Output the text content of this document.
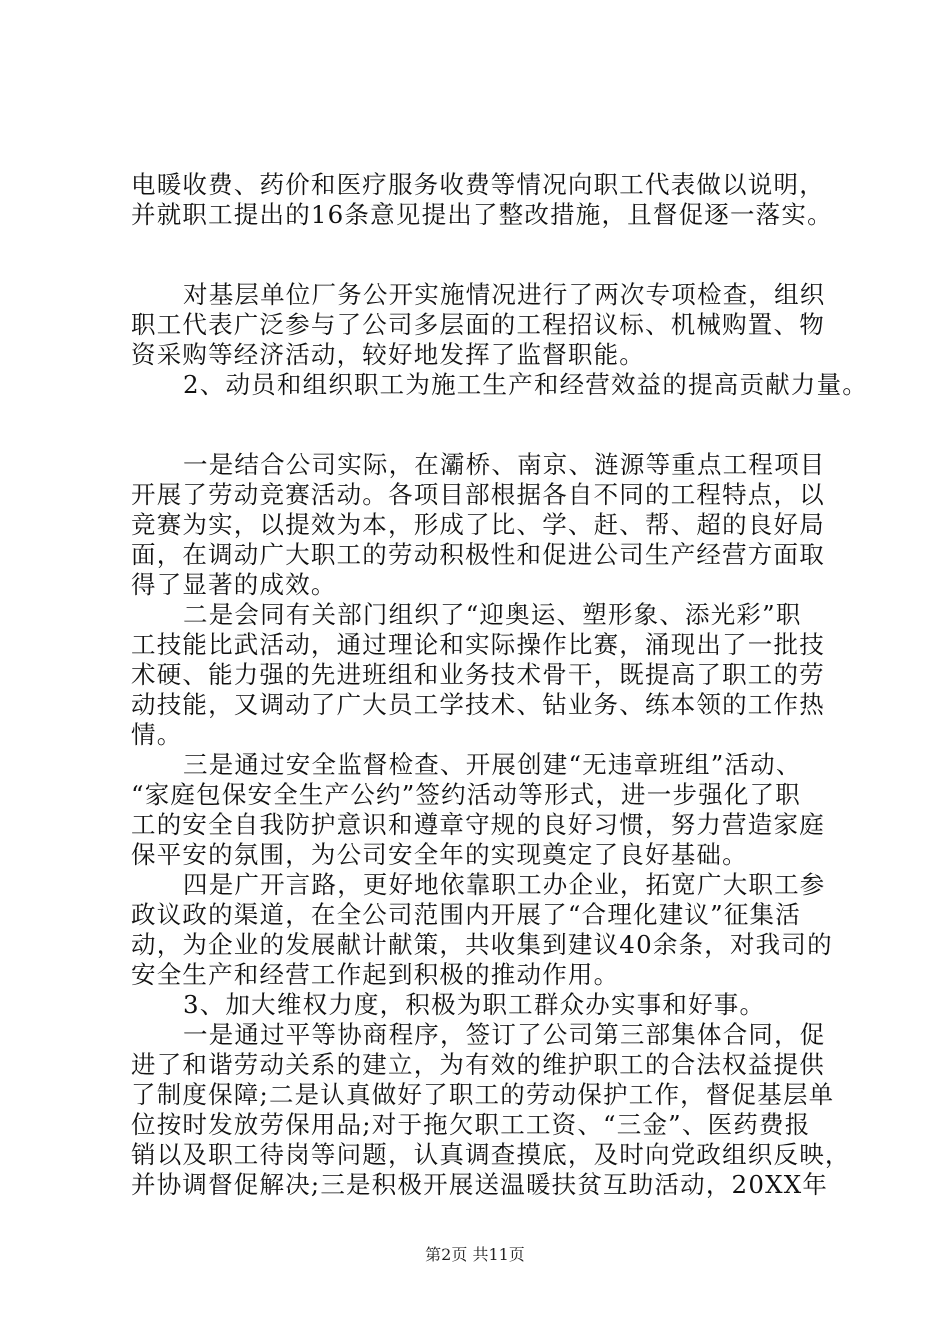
电暖收费、药价和医疗服务收费等情况向职工代表做以说明，
并就职工提出的16条意见提出了整改措施，且督促逐一落实。
对基层单位厂务公开实施情况进行了两次专项检查，组织
职工代表广泛参与了公司多层面的工程招议标、机械购置、物
资采购等经济活动，较好地发挥了监督职能。
2、动员和组织职工为施工生产和经营效益的提高贡献力量。
一是结合公司实际，在灞桥、南京、涟源等重点工程项目
开展了劳动竞赛活动。各项目部根据各自不同的工程特点，以
竞赛为实，以提效为本，形成了比、学、赶、帮、超的良好局
面，在调动广大职工的劳动积极性和促进公司生产经营方面取
得了显著的成效。
二是会同有关部门组织了“迎奥运、塑形象、添光彩”职
工技能比武活动，通过理论和实际操作比赛，涌现出了一批技
术硬、能力强的先进班组和业务技术骨干，既提高了职工的劳
动技能，又调动了广大员工学技术、钻业务、练本领的工作热
情。
三是通过安全监督检查、开展创建“无违章班组”活动、
“家庭包保安全生产公约”签约活动等形式，进一步强化了职
工的安全自我防护意识和遵章守规的良好习惯，努力营造家庭
保平安的氛围，为公司安全年的实现奠定了良好基础。
四是广开言路，更好地依靠职工办企业，拓宽广大职工参
政议政的渠道，在全公司范围内开展了“合理化建议”征集活
动，为企业的发展献计献策，共收集到建议40余条，对我司的
安全生产和经营工作起到积极的推动作用。
3、加大维权力度，积极为职工群众办实事和好事。
一是通过平等协商程序，签订了公司第三部集体合同，促
进了和谐劳动关系的建立，为有效的维护职工的合法权益提供
了制度保障;二是认真做好了职工的劳动保护工作，督促基层单
位按时发放劳保用品;对于拖欠职工工资、“三金”、医药费报
销以及职工待岗等问题，认真调查摸底，及时向党政组织反映，
并协调督促解决;三是积极开展送温暖扶贫互助活动，20XX年
第2页 共11页
